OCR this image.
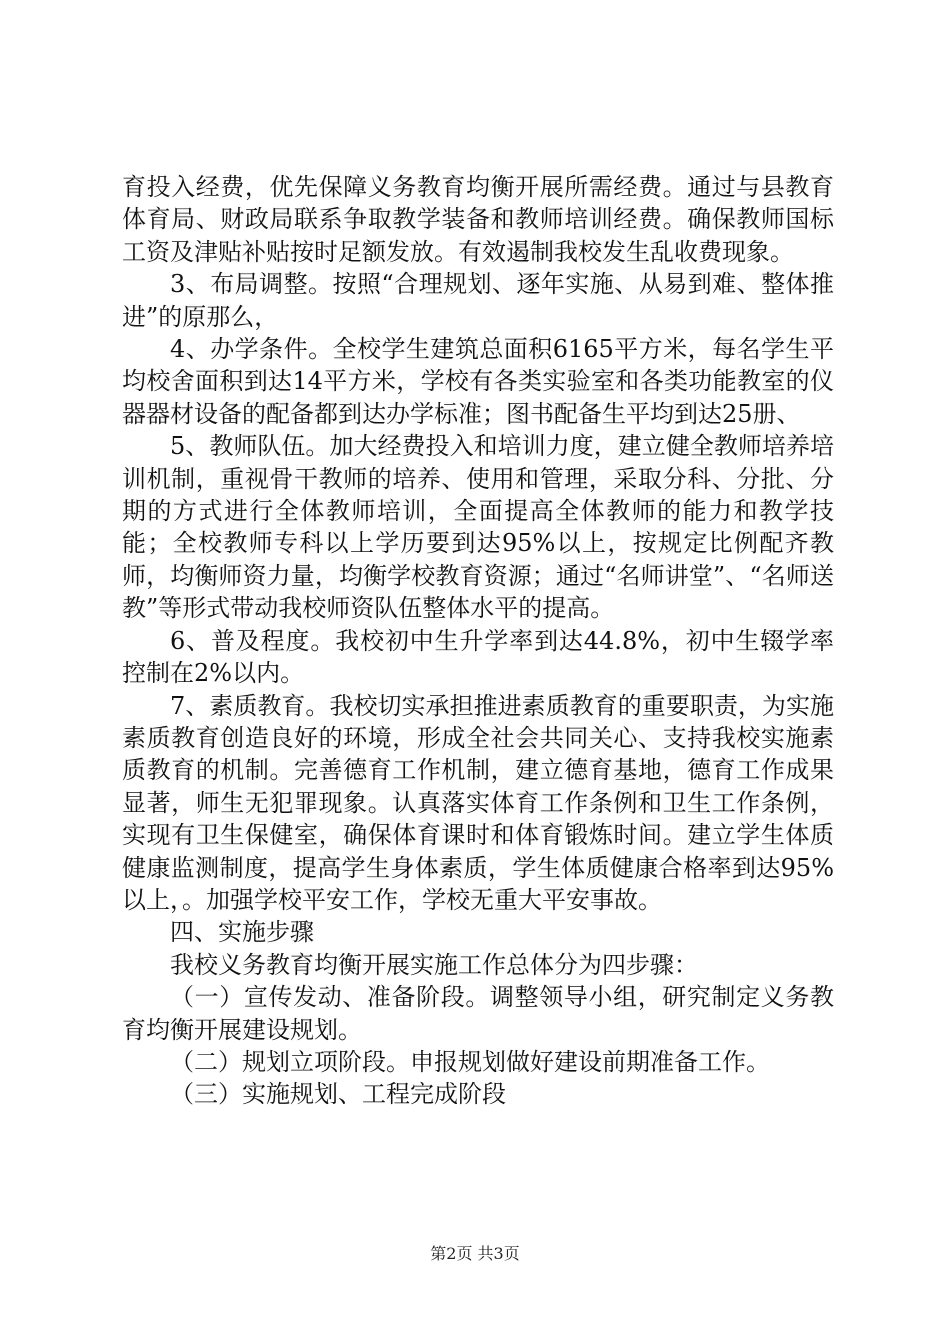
育投入经费，优先保障义务教育均衡开展所需经费。通过与县教育体育局、财政局联系争取教学装备和教师培训经费。确保教师国标工资及津贴补贴按时足额发放。有效遏制我校发生乱收费现象。

3、布局调整。按照“合理规划、逐年实施、从易到难、整体推进”的原那么，

4、办学条件。全校学生建筑总面积6165平方米，每名学生平均校舍面积到达14平方米，学校有各类实验室和各类功能教室的仪器器材设备的配备都到达办学标准；图书配备生平均到达25册、

5、教师队伍。加大经费投入和培训力度，建立健全教师培养培训机制，重视骨干教师的培养、使用和管理，采取分科、分批、分期的方式进行全体教师培训，全面提高全体教师的能力和教学技能；全校教师专科以上学历要到达95%以上，按规定比例配齐教师，均衡师资力量，均衡学校教育资源；通过“名师讲堂”、“名师送教”等形式带动我校师资队伍整体水平的提高。

6、普及程度。我校初中生升学率到达44.8%，初中生辍学率控制在2%以内。

7、素质教育。我校切实承担推进素质教育的重要职责，为实施素质教育创造良好的环境，形成全社会共同关心、支持我校实施素质教育的机制。完善德育工作机制，建立德育基地，德育工作成果显著，师生无犯罪现象。认真落实体育工作条例和卫生工作条例，实现有卫生保健室，确保体育课时和体育锻炼时间。建立学生体质健康监测制度，提高学生身体素质，学生体质健康合格率到达95%以上，。加强学校平安工作，学校无重大平安事故。

四、实施步骤

我校义务教育均衡开展实施工作总体分为四步骤：

（一）宣传发动、准备阶段。调整领导小组，研究制定义务教育均衡开展建设规划。

（二）规划立项阶段。申报规划做好建设前期准备工作。

（三）实施规划、工程完成阶段

第2页 共3页
